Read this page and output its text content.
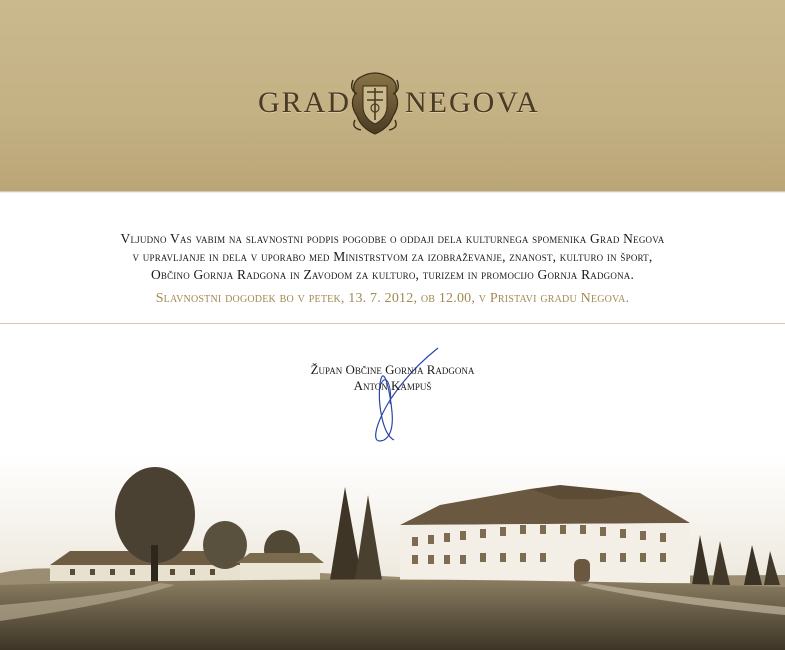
GRAD NEGOVA
Vljudno Vas vabim na slavnostni podpis pogodbe o oddaji dela kulturnega spomenika Grad Negova
v upravljanje in dela v uporabo med Ministrstvom za izobraževanje, znanost, kulturo in šport,
Občino Gornja Radgona in Zavodom za kulturo, turizem in promocijo Gornja Radgona.
Slavnostni dogodek bo v petek, 13. 7. 2012, ob 12.00, v Pristavi gradu Negova.
Župan Občine Gornja Radgona
Anton Kampuš
